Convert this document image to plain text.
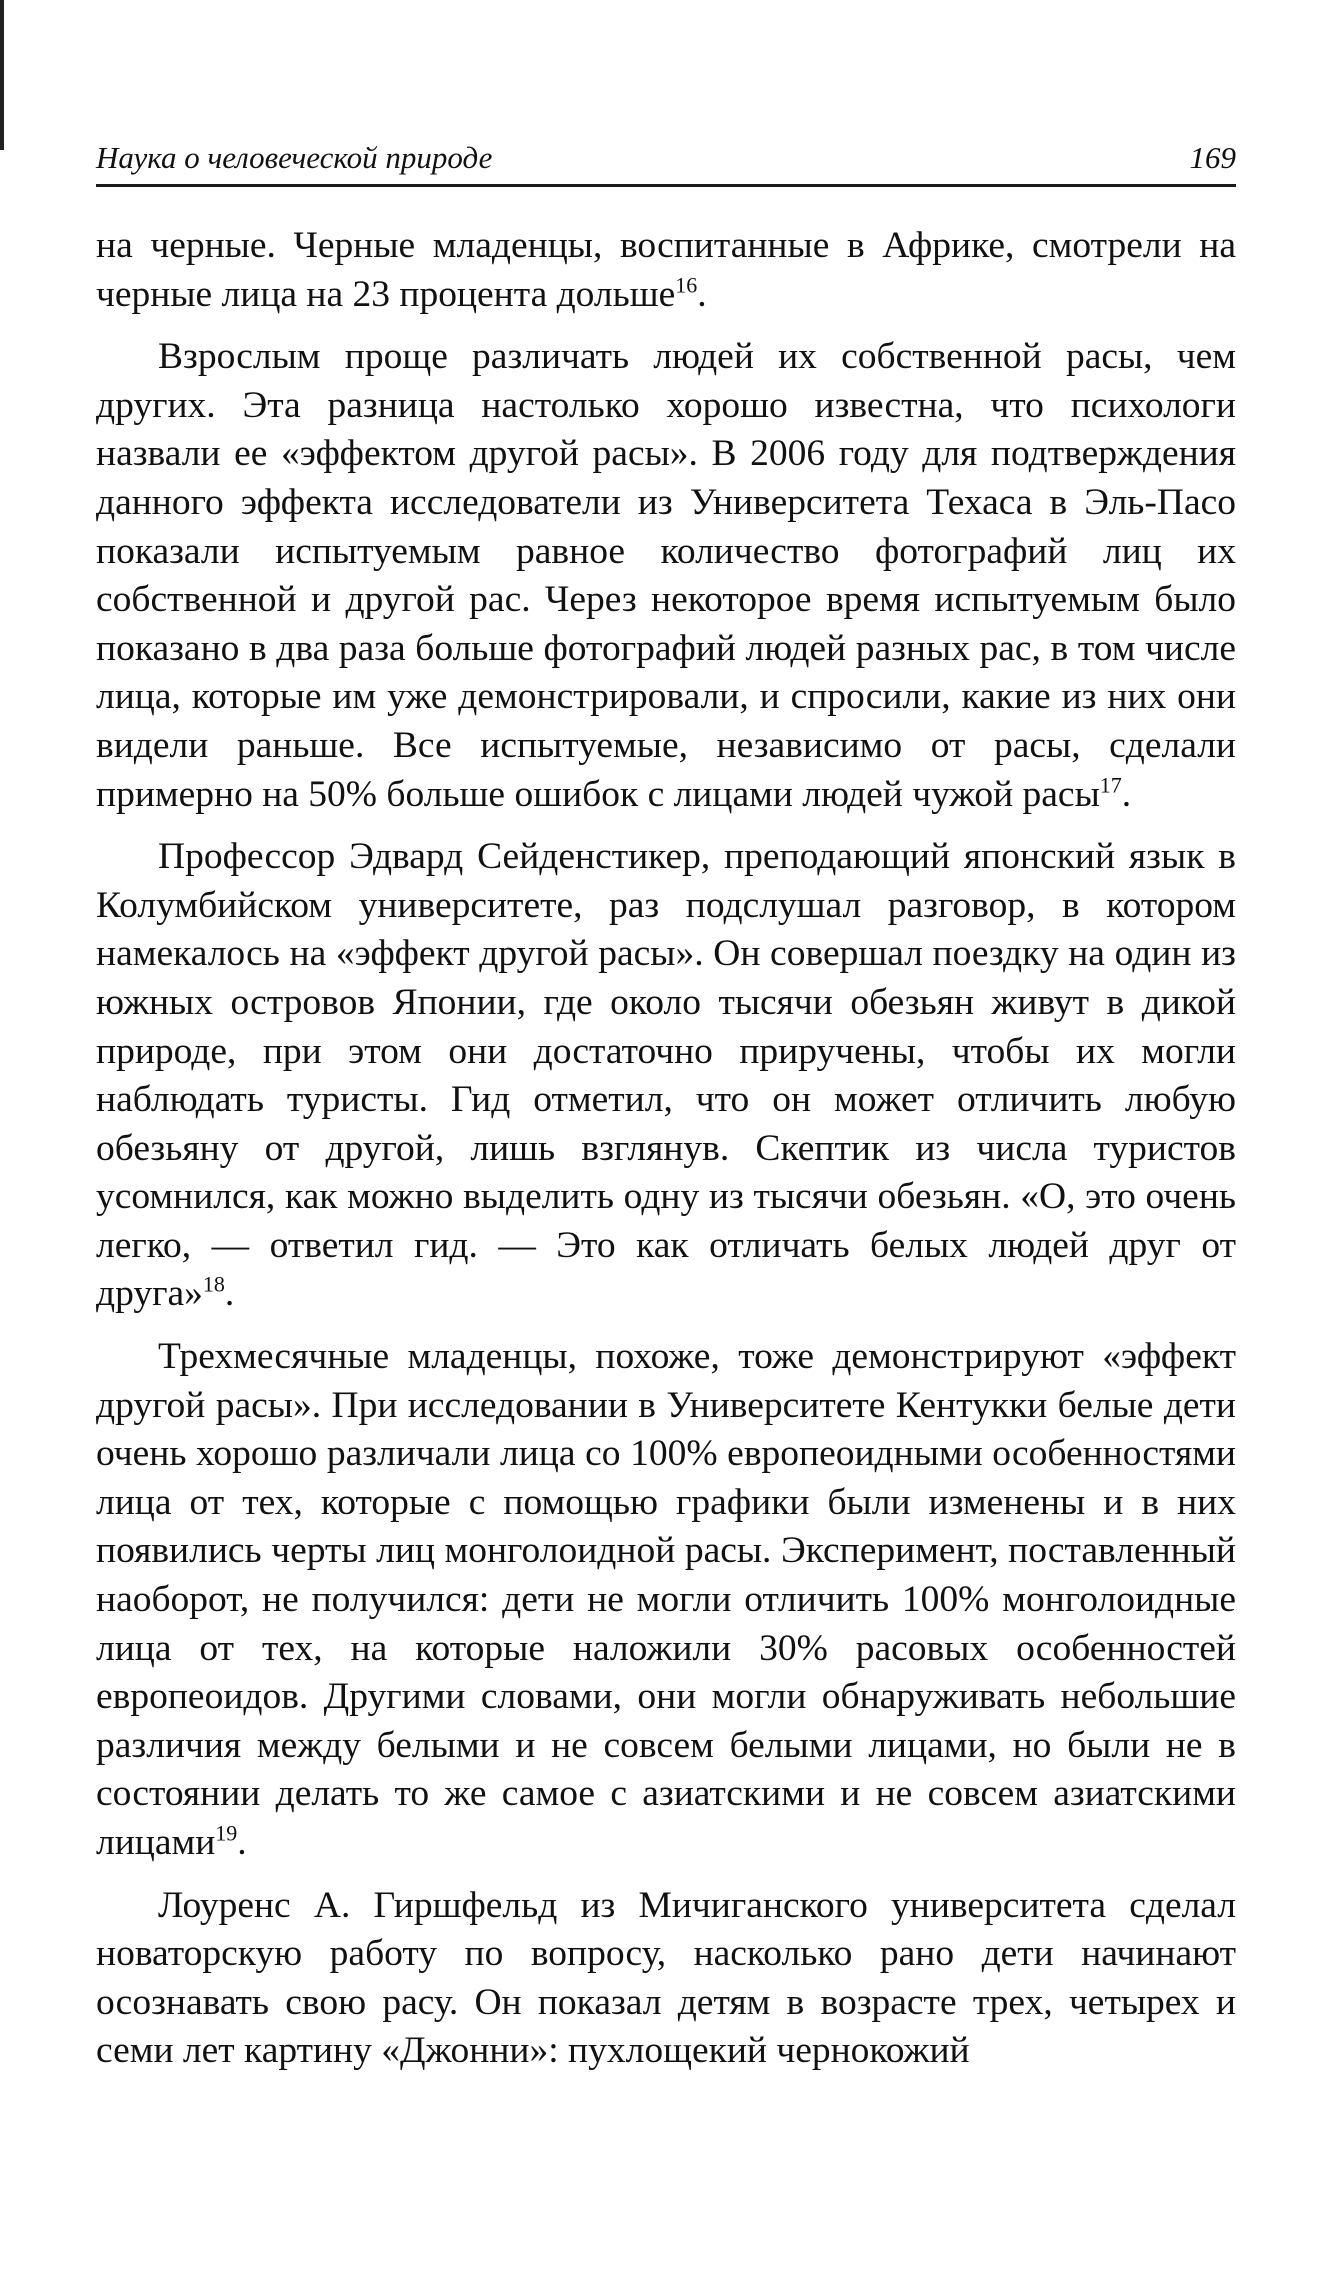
Наука о человеческой природе	169

на черные. Черные младенцы, воспитанные в Африке, смотрели на черные лица на 23 процента дольше$^{16}$.

Взрослым проще различать людей их собственной расы, чем других. Эта разница настолько хорошо известна, что психологи назвали ее «эффектом другой расы». В 2006 году для подтверждения данного эффекта исследователи из Университета Техаса в Эль-Пасо показали испытуемым равное количество фотографий лиц их собственной и другой рас. Через некоторое время испытуемым было показано в два раза больше фотографий людей разных рас, в том числе лица, которые им уже демонстрировали, и спросили, какие из них они видели раньше. Все испытуемые, независимо от расы, сделали примерно на 50% больше ошибок с лицами людей чужой расы$^{17}$.

Профессор Эдвард Сейденстикер, преподающий японский язык в Колумбийском университете, раз подслушал разговор, в котором намекалось на «эффект другой расы». Он совершал поездку на один из южных островов Японии, где около тысячи обезьян живут в дикой природе, при этом они достаточно приручены, чтобы их могли наблюдать туристы. Гид отметил, что он может отличить любую обезьяну от другой, лишь взглянув. Скептик из числа туристов усомнился, как можно выделить одну из тысячи обезьян. «О, это очень легко, — ответил гид. — Это как отличать белых людей друг от друга»$^{18}$.

Трехмесячные младенцы, похоже, тоже демонстрируют «эффект другой расы». При исследовании в Университете Кентукки белые дети очень хорошо различали лица со 100% европеоидными особенностями лица от тех, которые с помощью графики были изменены и в них появились черты лиц монголоидной расы. Эксперимент, поставленный наоборот, не получился: дети не могли отличить 100% монголоидные лица от тех, на которые наложили 30% расовых особенностей европеоидов. Другими словами, они могли обнаруживать небольшие различия между белыми и не совсем белыми лицами, но были не в состоянии делать то же самое с азиатскими и не совсем азиатскими лицами$^{19}$.

Лоуренс А. Гиршфельд из Мичиганского университета сделал новаторскую работу по вопросу, насколько рано дети начинают осознавать свою расу. Он показал детям в возрасте трех, четырех и семи лет картину «Джонни»: пухлощекий чернокожий
